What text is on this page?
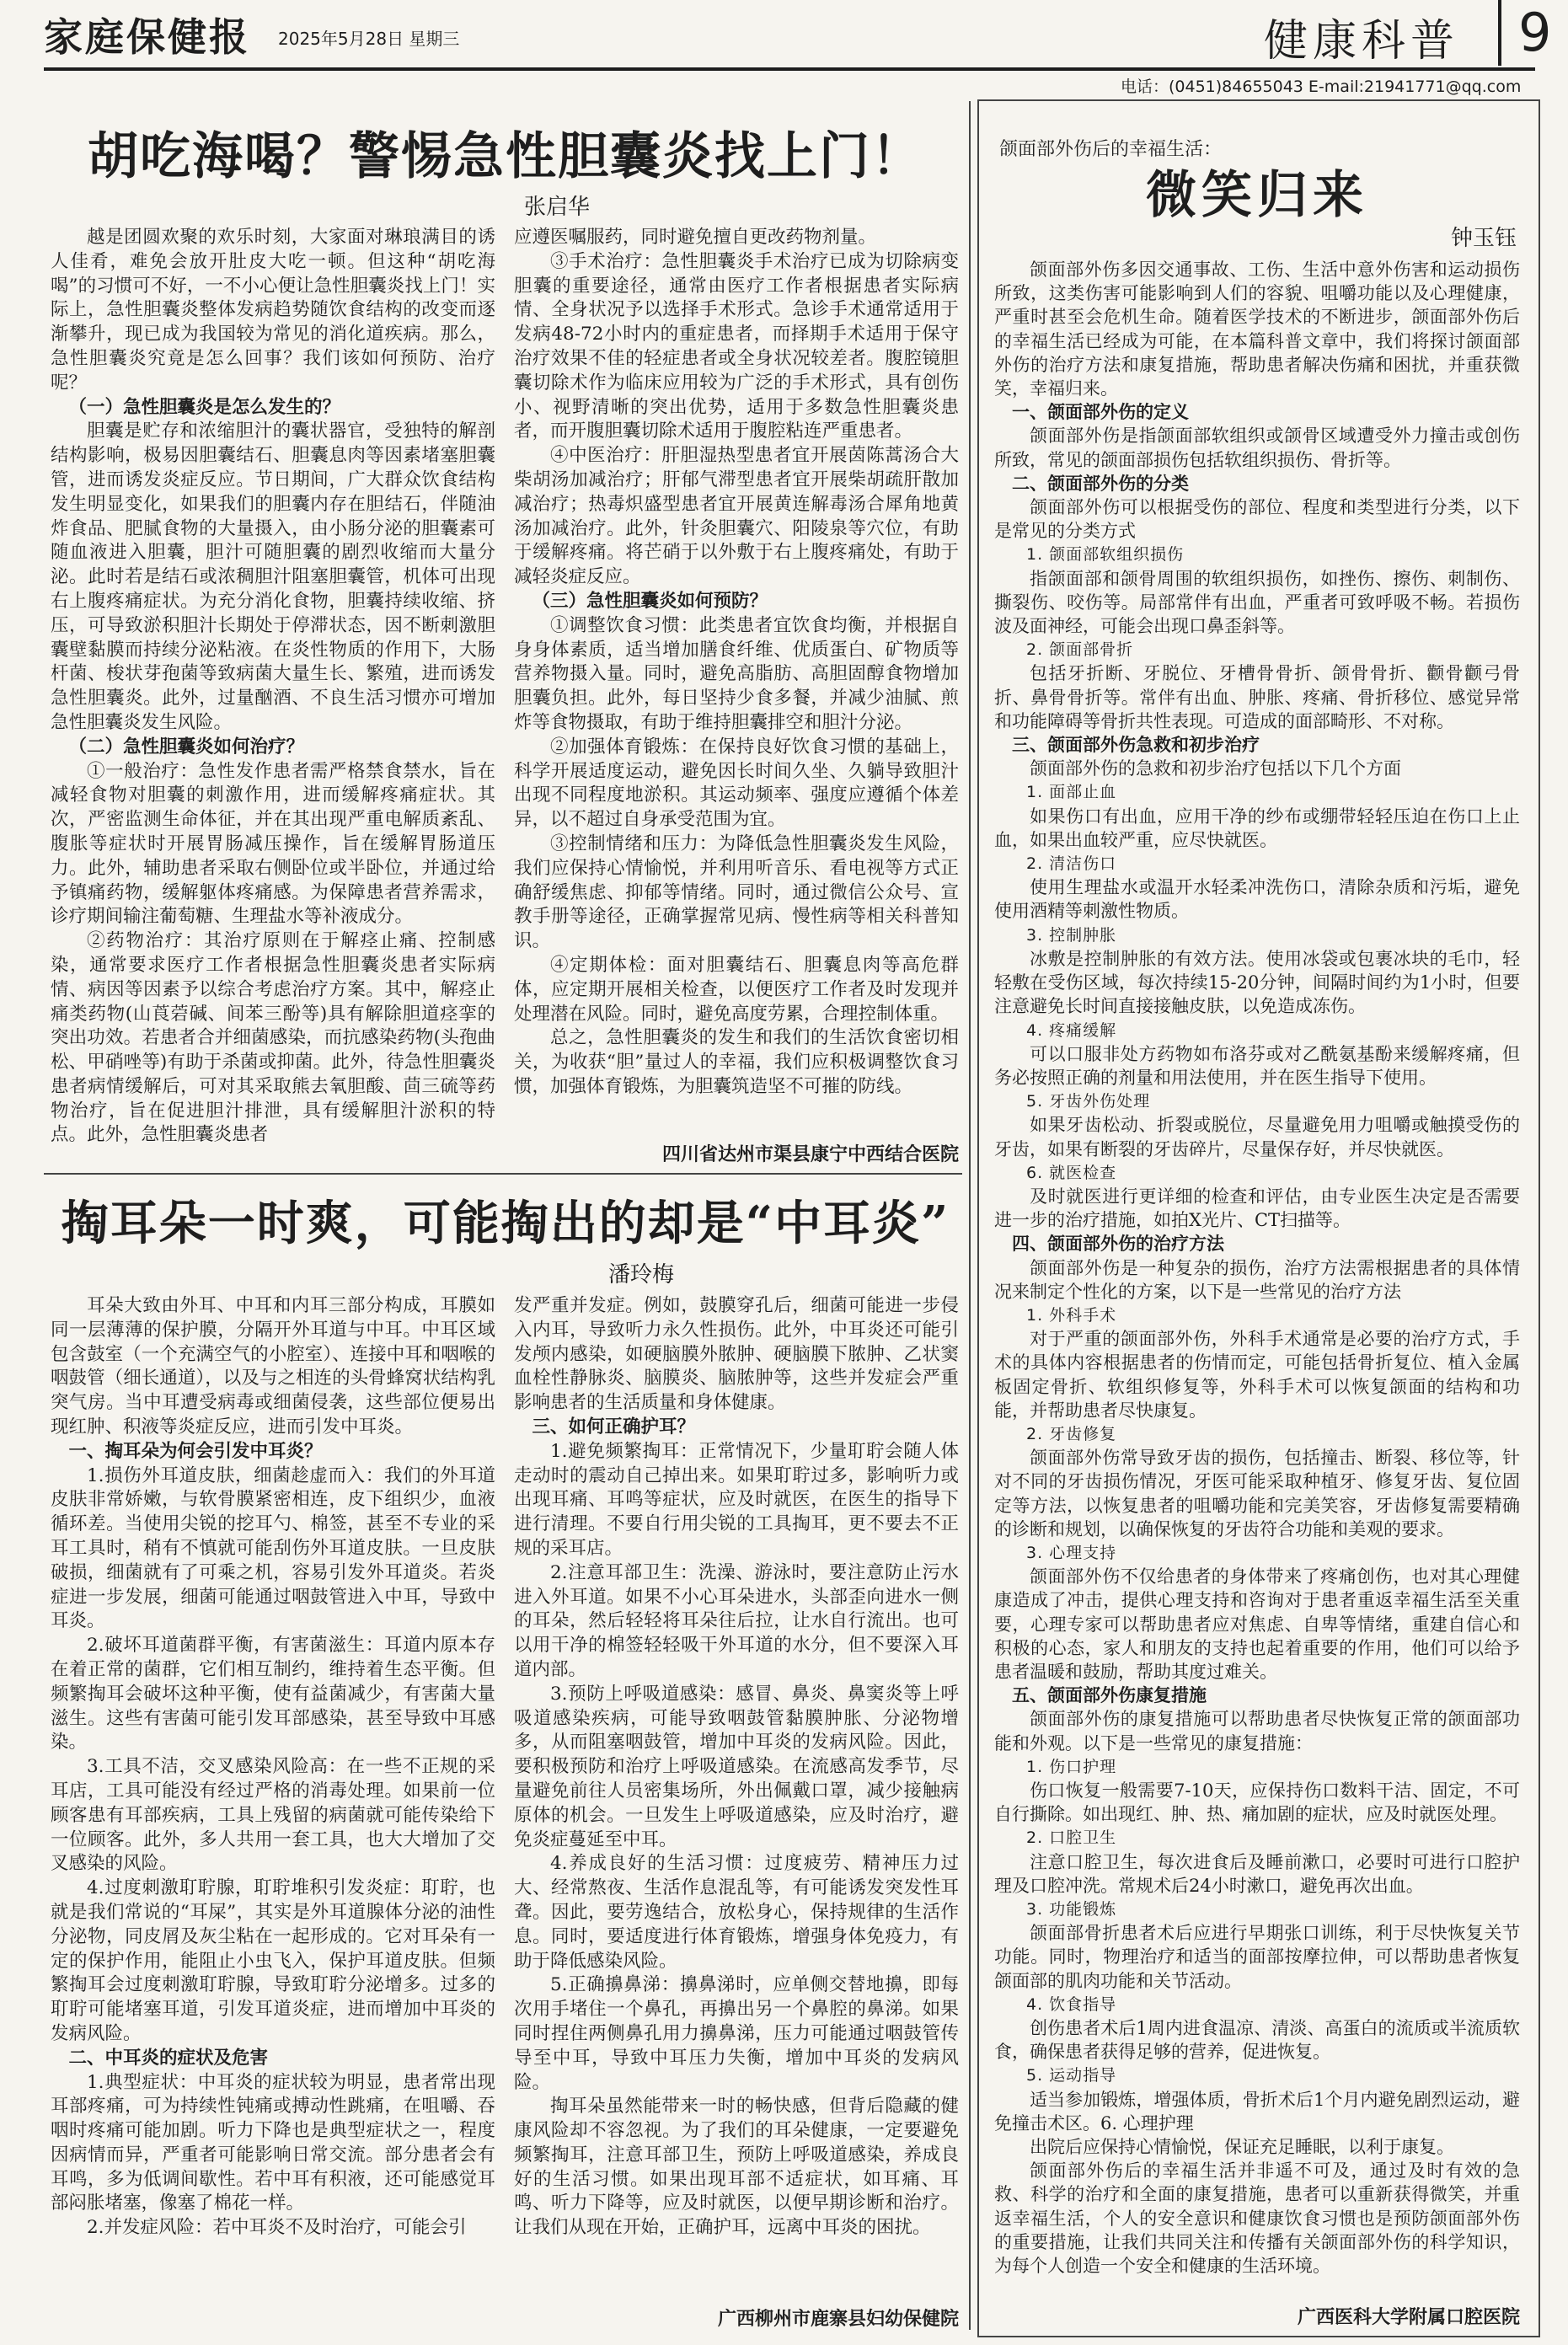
家庭保健报 2025年5月28日 星期三	健康科普	9
电话：(0451)84655043 E-mail:21941771@qq.com
胡吃海喝？警惕急性胆囊炎找上门！
张启华

越是团圆欢聚的欢乐时刻，大家面对琳琅满目的诱人佳肴，难免会放开肚皮大吃一顿。但这种“胡吃海喝”的习惯可不好，一不小心便让急性胆囊炎找上门！实际上，急性胆囊炎整体发病趋势随饮食结构的改变而逐渐攀升，现已成为我国较为常见的消化道疾病。那么，急性胆囊炎究竟是怎么回事？我们该如何预防、治疗呢？

（一）急性胆囊炎是怎么发生的？

胆囊是贮存和浓缩胆汁的囊状器官，受独特的解剖结构影响，极易因胆囊结石、胆囊息肉等因素堵塞胆囊管，进而诱发炎症反应。节日期间，广大群众饮食结构发生明显变化，如果我们的胆囊内存在胆结石，伴随油炸食品、肥腻食物的大量摄入，由小肠分泌的胆囊素可随血液进入胆囊，胆汁可随胆囊的剧烈收缩而大量分泌。此时若是结石或浓稠胆汁阻塞胆囊管，机体可出现右上腹疼痛症状。为充分消化食物，胆囊持续收缩、挤压，可导致淤积胆汁长期处于停滞状态，因不断刺激胆囊壁黏膜而持续分泌粘液。在炎性物质的作用下，大肠杆菌、梭状芽孢菌等致病菌大量生长、繁殖，进而诱发急性胆囊炎。此外，过量酗酒、不良生活习惯亦可增加急性胆囊炎发生风险。

（二）急性胆囊炎如何治疗？

①一般治疗：急性发作患者需严格禁食禁水，旨在减轻食物对胆囊的刺激作用，进而缓解疼痛症状。其次，严密监测生命体征，并在其出现严重电解质紊乱、腹胀等症状时开展胃肠减压操作，旨在缓解胃肠道压力。此外，辅助患者采取右侧卧位或半卧位，并通过给予镇痛药物，缓解躯体疼痛感。为保障患者营养需求，诊疗期间输注葡萄糖、生理盐水等补液成分。

②药物治疗：其治疗原则在于解痉止痛、控制感染，通常要求医疗工作者根据急性胆囊炎患者实际病情、病因等因素予以综合考虑治疗方案。其中，解痉止痛类药物(山莨菪碱、间苯三酚等)具有解除胆道痉挛的突出功效。若患者合并细菌感染，而抗感染药物(头孢曲松、甲硝唑等)有助于杀菌或抑菌。此外，待急性胆囊炎患者病情缓解后，可对其采取熊去氧胆酸、茴三硫等药物治疗，旨在促进胆汁排泄，具有缓解胆汁淤积的特点。此外，急性胆囊炎患者

应遵医嘱服药，同时避免擅自更改药物剂量。

③手术治疗：急性胆囊炎手术治疗已成为切除病变胆囊的重要途径，通常由医疗工作者根据患者实际病情、全身状况予以选择手术形式。急诊手术通常适用于发病48-72小时内的重症患者，而择期手术适用于保守治疗效果不佳的轻症患者或全身状况较差者。腹腔镜胆囊切除术作为临床应用较为广泛的手术形式，具有创伤小、视野清晰的突出优势，适用于多数急性胆囊炎患者，而开腹胆囊切除术适用于腹腔粘连严重患者。

④中医治疗：肝胆湿热型患者宜开展茵陈蒿汤合大柴胡汤加减治疗；肝郁气滞型患者宜开展柴胡疏肝散加减治疗；热毒炽盛型患者宜开展黄连解毒汤合犀角地黄汤加减治疗。此外，针灸胆囊穴、阳陵泉等穴位，有助于缓解疼痛。将芒硝于以外敷于右上腹疼痛处，有助于减轻炎症反应。

（三）急性胆囊炎如何预防？

①调整饮食习惯：此类患者宜饮食均衡，并根据自身身体素质，适当增加膳食纤维、优质蛋白、矿物质等营养物摄入量。同时，避免高脂肪、高胆固醇食物增加胆囊负担。此外，每日坚持少食多餐，并减少油腻、煎炸等食物摄取，有助于维持胆囊排空和胆汁分泌。

②加强体育锻炼：在保持良好饮食习惯的基础上，科学开展适度运动，避免因长时间久坐、久躺导致胆汁出现不同程度地淤积。其运动频率、强度应遵循个体差异，以不超过自身承受范围为宜。

③控制情绪和压力：为降低急性胆囊炎发生风险，我们应保持心情愉悦，并利用听音乐、看电视等方式正确舒缓焦虑、抑郁等情绪。同时，通过微信公众号、宣教手册等途径，正确掌握常见病、慢性病等相关科普知识。

④定期体检：面对胆囊结石、胆囊息肉等高危群体，应定期开展相关检查，以便医疗工作者及时发现并处理潜在风险。同时，避免高度劳累，合理控制体重。

总之，急性胆囊炎的发生和我们的生活饮食密切相关，为收获“胆”量过人的幸福，我们应积极调整饮食习惯，加强体育锻炼，为胆囊筑造坚不可摧的防线。

四川省达州市渠县康宁中西结合医院
掏耳朵一时爽，可能掏出的却是“中耳炎”
潘玲梅

耳朵大致由外耳、中耳和内耳三部分构成，耳膜如同一层薄薄的保护膜，分隔开外耳道与中耳。中耳区域包含鼓室（一个充满空气的小腔室）、连接中耳和咽喉的咽鼓管（细长通道），以及与之相连的头骨蜂窝状结构乳突气房。当中耳遭受病毒或细菌侵袭，这些部位便易出现红肿、积液等炎症反应，进而引发中耳炎。

一、掏耳朵为何会引发中耳炎？

1.损伤外耳道皮肤，细菌趁虚而入：我们的外耳道皮肤非常娇嫩，与软骨膜紧密相连，皮下组织少，血液循环差。当使用尖锐的挖耳勺、棉签，甚至不专业的采耳工具时，稍有不慎就可能刮伤外耳道皮肤。一旦皮肤破损，细菌就有了可乘之机，容易引发外耳道炎。若炎症进一步发展，细菌可能通过咽鼓管进入中耳，导致中耳炎。

2.破坏耳道菌群平衡，有害菌滋生：耳道内原本存在着正常的菌群，它们相互制约，维持着生态平衡。但频繁掏耳会破坏这种平衡，使有益菌减少，有害菌大量滋生。这些有害菌可能引发耳部感染，甚至导致中耳感染。

3.工具不洁，交叉感染风险高：在一些不正规的采耳店，工具可能没有经过严格的消毒处理。如果前一位顾客患有耳部疾病，工具上残留的病菌就可能传染给下一位顾客。此外，多人共用一套工具，也大大增加了交叉感染的风险。

4.过度刺激耵聍腺，耵聍堆积引发炎症：耵聍，也就是我们常说的“耳屎”，其实是外耳道腺体分泌的油性分泌物，同皮屑及灰尘粘在一起形成的。它对耳朵有一定的保护作用，能阻止小虫飞入，保护耳道皮肤。但频繁掏耳会过度刺激耵聍腺，导致耵聍分泌增多。过多的耵聍可能堵塞耳道，引发耳道炎症，进而增加中耳炎的发病风险。

二、中耳炎的症状及危害

1.典型症状：中耳炎的症状较为明显，患者常出现耳部疼痛，可为持续性钝痛或搏动性跳痛，在咀嚼、吞咽时疼痛可能加剧。听力下降也是典型症状之一，程度因病情而异，严重者可能影响日常交流。部分患者会有耳鸣，多为低调间歇性。若中耳有积液，还可能感觉耳部闷胀堵塞，像塞了棉花一样。

2.并发症风险：若中耳炎不及时治疗，可能会引

发严重并发症。例如，鼓膜穿孔后，细菌可能进一步侵入内耳，导致听力永久性损伤。此外，中耳炎还可能引发颅内感染，如硬脑膜外脓肿、硬脑膜下脓肿、乙状窦血栓性静脉炎、脑膜炎、脑脓肿等，这些并发症会严重影响患者的生活质量和身体健康。

三、如何正确护耳？

1.避免频繁掏耳：正常情况下，少量耵聍会随人体走动时的震动自己掉出来。如果耵聍过多，影响听力或出现耳痛、耳鸣等症状，应及时就医，在医生的指导下进行清理。不要自行用尖锐的工具掏耳，更不要去不正规的采耳店。

2.注意耳部卫生：洗澡、游泳时，要注意防止污水进入外耳道。如果不小心耳朵进水，头部歪向进水一侧的耳朵，然后轻轻将耳朵往后拉，让水自行流出。也可以用干净的棉签轻轻吸干外耳道的水分，但不要深入耳道内部。

3.预防上呼吸道感染：感冒、鼻炎、鼻窦炎等上呼吸道感染疾病，可能导致咽鼓管黏膜肿胀、分泌物增多，从而阻塞咽鼓管，增加中耳炎的发病风险。因此，要积极预防和治疗上呼吸道感染。在流感高发季节，尽量避免前往人员密集场所，外出佩戴口罩，减少接触病原体的机会。一旦发生上呼吸道感染，应及时治疗，避免炎症蔓延至中耳。

4.养成良好的生活习惯：过度疲劳、精神压力过大、经常熬夜、生活作息混乱等，有可能诱发突发性耳聋。因此，要劳逸结合，放松身心，保持规律的生活作息。同时，要适度进行体育锻炼，增强身体免疫力，有助于降低感染风险。

5.正确擤鼻涕：擤鼻涕时，应单侧交替地擤，即每次用手堵住一个鼻孔，再擤出另一个鼻腔的鼻涕。如果同时捏住两侧鼻孔用力擤鼻涕，压力可能通过咽鼓管传导至中耳，导致中耳压力失衡，增加中耳炎的发病风险。

掏耳朵虽然能带来一时的畅快感，但背后隐藏的健康风险却不容忽视。为了我们的耳朵健康，一定要避免频繁掏耳，注意耳部卫生，预防上呼吸道感染，养成良好的生活习惯。如果出现耳部不适症状，如耳痛、耳鸣、听力下降等，应及时就医，以便早期诊断和治疗。让我们从现在开始，正确护耳，远离中耳炎的困扰。

广西柳州市鹿寨县妇幼保健院
颌面部外伤后的幸福生活：
微笑归来
钟玉钰

颌面部外伤多因交通事故、工伤、生活中意外伤害和运动损伤所致，这类伤害可能影响到人们的容貌、咀嚼功能以及心理健康，严重时甚至会危机生命。随着医学技术的不断进步，颌面部外伤后的幸福生活已经成为可能，在本篇科普文章中，我们将探讨颌面部外伤的治疗方法和康复措施，帮助患者解决伤痛和困扰，并重获微笑，幸福归来。

一、颌面部外伤的定义

颌面部外伤是指颌面部软组织或颌骨区域遭受外力撞击或创伤所致，常见的颌面部损伤包括软组织损伤、骨折等。

二、颌面部外伤的分类

颌面部外伤可以根据受伤的部位、程度和类型进行分类，以下是常见的分类方式

1. 颌面部软组织损伤

指颌面部和颌骨周围的软组织损伤，如挫伤、擦伤、刺制伤、撕裂伤、咬伤等。局部常伴有出血，严重者可致呼吸不畅。若损伤波及面神经，可能会出现口鼻歪斜等。

2. 颌面部骨折

包括牙折断、牙脱位、牙槽骨骨折、颌骨骨折、颧骨颧弓骨折、鼻骨骨折等。常伴有出血、肿胀、疼痛、骨折移位、感觉异常和功能障碍等骨折共性表现。可造成的面部畸形、不对称。

三、颌面部外伤急救和初步治疗

颌面部外伤的急救和初步治疗包括以下几个方面

1. 面部止血

如果伤口有出血，应用干净的纱布或绷带轻轻压迫在伤口上止血，如果出血较严重，应尽快就医。

2. 清洁伤口

使用生理盐水或温开水轻柔冲洗伤口，清除杂质和污垢，避免使用酒精等刺激性物质。

3. 控制肿胀

冰敷是控制肿胀的有效方法。使用冰袋或包裹冰块的毛巾，轻轻敷在受伤区域，每次持续15-20分钟，间隔时间约为1小时，但要注意避免长时间直接接触皮肤，以免造成冻伤。

4. 疼痛缓解

可以口服非处方药物如布洛芬或对乙酰氨基酚来缓解疼痛，但务必按照正确的剂量和用法使用，并在医生指导下使用。

5. 牙齿外伤处理

如果牙齿松动、折裂或脱位，尽量避免用力咀嚼或触摸受伤的牙齿，如果有断裂的牙齿碎片，尽量保存好，并尽快就医。

6. 就医检查

及时就医进行更详细的检查和评估，由专业医生决定是否需要进一步的治疗措施，如拍X光片、CT扫描等。

四、颌面部外伤的治疗方法

颌面部外伤是一种复杂的损伤，治疗方法需根据患者的具体情况来制定个性化的方案，以下是一些常见的治疗方法

1. 外科手术

对于严重的颌面部外伤，外科手术通常是必要的治疗方式，手术的具体内容根据患者的伤情而定，可能包括骨折复位、植入金属板固定骨折、软组织修复等，外科手术可以恢复颌面的结构和功能，并帮助患者尽快康复。

2. 牙齿修复

颌面部外伤常导致牙齿的损伤，包括撞击、断裂、移位等，针对不同的牙齿损伤情况，牙医可能采取种植牙、修复牙齿、复位固定等方法，以恢复患者的咀嚼功能和完美笑容，牙齿修复需要精确的诊断和规划，以确保恢复的牙齿符合功能和美观的要求。

3. 心理支持

颌面部外伤不仅给患者的身体带来了疼痛创伤，也对其心理健康造成了冲击，提供心理支持和咨询对于患者重返幸福生活至关重要，心理专家可以帮助患者应对焦虑、自卑等情绪，重建自信心和积极的心态，家人和朋友的支持也起着重要的作用，他们可以给予患者温暖和鼓励，帮助其度过难关。

五、颌面部外伤康复措施

颌面部外伤的康复措施可以帮助患者尽快恢复正常的颌面部功能和外观。以下是一些常见的康复措施：

1. 伤口护理

伤口恢复一般需要7-10天，应保持伤口数料干洁、固定，不可自行撕除。如出现红、肿、热、痛加剧的症状，应及时就医处理。

2. 口腔卫生

注意口腔卫生，每次进食后及睡前漱口，必要时可进行口腔护理及口腔冲洗。常规术后24小时漱口，避免再次出血。

3. 功能锻炼

颌面部骨折患者术后应进行早期张口训练，利于尽快恢复关节功能。同时，物理治疗和适当的面部按摩拉伸，可以帮助患者恢复颌面部的肌肉功能和关节活动。

4. 饮食指导

创伤患者术后1周内进食温凉、清淡、高蛋白的流质或半流质软食，确保患者获得足够的营养，促进恢复。

5. 运动指导

适当参加锻炼，增强体质，骨折术后1个月内避免剧烈运动，避免撞击术区。6. 心理护理

出院后应保持心情愉悦，保证充足睡眠，以利于康复。

颌面部外伤后的幸福生活并非遥不可及，通过及时有效的急救、科学的治疗和全面的康复措施，患者可以重新获得微笑，并重返幸福生活，个人的安全意识和健康饮食习惯也是预防颌面部外伤的重要措施，让我们共同关注和传播有关颌面部外伤的科学知识，为每个人创造一个安全和健康的生活环境。

广西医科大学附属口腔医院
